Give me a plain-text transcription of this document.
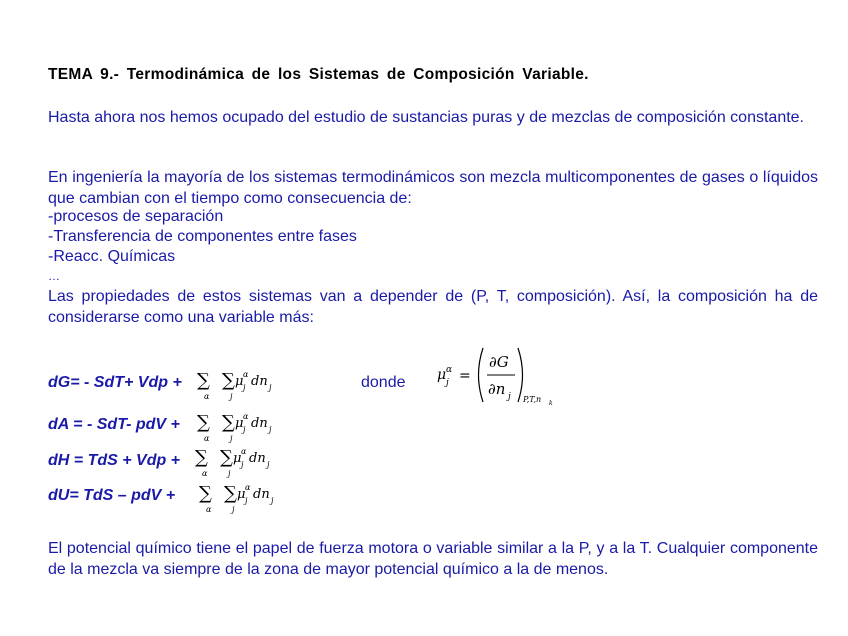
TEMA 9.- Termodinámica de los Sistemas de Composición Variable.
Hasta ahora nos hemos ocupado del estudio de sustancias puras y de mezclas de composición constante.
En ingeniería la mayoría de los sistemas termodinámicos son mezcla multicomponentes de gases o líquidos que cambian con el tiempo como consecuencia de:
-procesos de separación
-Transferencia de componentes entre fases
-Reacc. Químicas
…
Las propiedades de estos sistemas van a depender de (P, T, composición). Así, la composición ha de considerarse como una variable más:
dG= - SdT+ Vdp +
dA = - SdT- pdV +
dH = TdS + Vdp +
dU= TdS – pdV +
∑
α
∑
j
μ α
j dn j
∑
α
∑
j
μ α
j dn j
∑
α
∑
j
μ α
j dn j
∑
α
∑
j
μ α
j dn j
donde μ α
j =
∂G
∂n j P,T,n k
El potencial químico tiene el papel de fuerza motora o variable similar a la P, y a la T. Cualquier componente de la mezcla va siempre de la zona de mayor potencial químico a la de menos.
